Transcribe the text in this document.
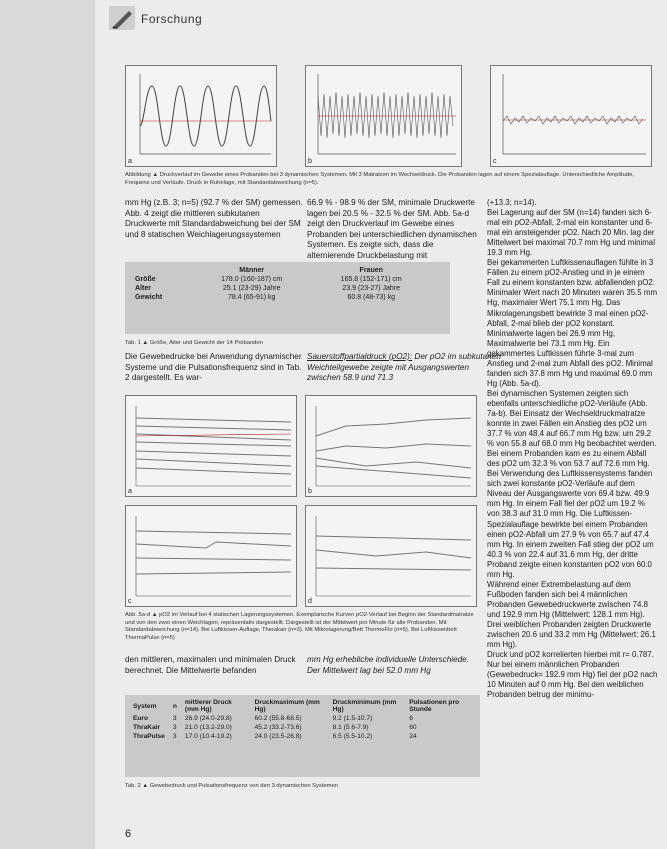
Forschung
a	b	c
Abbildung ▲ Druckverlauf im Gewebe eines Probanden bei 3 dynamischen Systemen. Mit 3 Matratzen im Wechseldruck. Die Probanden lagen auf einem Spezialauflage. Unterschiedliche Amplitude, Frequenz und Verläufe. Druck in Ruhelage, mit Standardabweichung (n=5).
mm Hg (z.B. 3; n=5) (92.7 % der SM) gemessen. Abb. 4 zeigt die mittleren subkutanen Druckwerte mit Standardabweichung bei der SM und 8 statischen Weichlagerungssystemen
	Männer	Frauen
Größe	178.0 (160-187) cm	165.8 (152-171) cm
Alter	25.1 (23-29) Jahre	23.9 (23-27) Jahre
Gewicht	78.4 (65-91) kg	60.8 (48-73) kg
Tab. 1 ▲ Größe, Alter und Gewicht der 14 Probanden
66.9 % - 98.9 % der SM, minimale Druckwerte lagen bei 20.5 % - 32.5 % der SM. Abb. 5a-d zeigt den Druckverlauf im Gewebe eines Probanden bei unterschiedlichen dynamischen Systemen. Es zeigte sich, dass die alternierende Druckbelastung mit

Die Gewebedrucke bei Anwendung dynamischer Systeme und die Pulsationsfrequenz sind in Tab. 2 dargestellt. Es war-
Sauerstoffpartialdruck (pO2): Der pO2 im subkutanen Weichteilgewebe zeigte mit Ausgangswerten zwischen 58.9 und 71.3
a	b
c	d
Abb. 5a-d ▲ pO2 im Verlauf bei 4 statischen Lagerungssystemen. Exemplarische Kurven pO2-Verlauf bei Beginn der Standardmatratze und von den zwei einen Weichlagen, repräsentativ dargestellt. Dargestellt ist der Mittelwert pro Minute für alle Probanden. Mit Standardabweichung (n=14). Bei Luftkissen-Auflage, Therakair (n=3). Mit Mikrolagerung/Bett ThermoFlo (n=5). Bei Luftkissenbett ThermaPulse (n=5)
den mittleren, maximalen und minimalen Druck berechnet. Die Mittelwerte befanden
mm Hg erhebliche individuelle Unterschiede. Der Mittelwert lag bei 52.0 mm Hg
System	n	mittlerer Druck (mm Hg)	Druckmaximum (mm Hg)	Druckminimum (mm Hg)	Pulsationen pro Stunde
Euro	3	26.9 (24.0-29.8)	60.2 (55.8-68.5)	9.2 (1.5-10.7)	6
ThraKair	3	21.0 (13.2-29.0)	45.2 (33.2-73.6)	8.1 (5.6-7.9)	60
ThraPulse	3	17.0 (10.4-19.2)	24.0 (23.5-26.8)	6.5 (5.5-10.2)	24
Tab. 2 ▲ Gewebedruck und Pulsationsfrequenz von den 3 dynamischen Systemen
(+13.3; n=14).
Bei Lagerung auf der SM (n=14) fanden sich 6-mal ein pO2-Abfall, 2-mal ein konstanter und 6-mal ein ansteigender pO2. Nach 20 Min. lag der Mittelwert bei maximal 70.7 mm Hg und minimal 19.3 mm Hg.
Bei gekammerten Luftkissenauflagen fühlte in 3 Fällen zu einem pO2-Anstieg und in je einem Fall zu einem konstanten bzw. abfallenden pO2. Minimaler Wert nach 20 Minuten waren 35.5 mm Hg, maximaler Wert 75.1 mm Hg. Das Mikrolagerungsbett bewirkte 3 mal einen pO2-Abfall, 2-mal blieb der pO2 konstant. Minimalwerte lagen bei 26.9 mm Hg, Maximalwerte bei 73.1 mm Hg. Ein gekammertes Luftkissen führte 3-mal zum Anstieg und 2-mal zum Abfall des pO2. Minimal fanden sich 37.8 mm Hg und maximal 69.0 mm Hg (Abb. 5a-d).
Bei dynamischen Systemen zeigten sich ebenfalls unterschiedliche pO2-Verläufe (Abb. 7a-b). Bei Einsatz der Wechseldruckmatratze konnte in zwei Fällen ein Anstieg des pO2 um 37.7 % von 48.4 auf 66.7 mm Hg bzw. um 29.2 % von 55.8 auf 68.0 mm Hg beobachtet werden. Bei einem Probanden kam es zu einem Abfall des pO2 um 32.3 % von 53.7 auf 72.6 mm Hg. Bei Verwendung des Luftkissensystems fanden sich zwei konstante pO2-Verläufe auf dem Niveau der Ausgangswerte von 69.4 bzw. 49.9 mm Hg. In einem Fall fiel der pO2 um 19.2 % von 38.3 auf 31.0 mm Hg. Die Luftkissen-Spezialauflage bewirkte bei einem Probanden einen pO2-Abfall um 27.9 % von 65.7 auf 47.4 mm Hg. In einem zweiten Fall stieg der pO2 um 40.3 % von 22.4 auf 31.6 mm Hg, der dritte Proband zeigte einen konstanten pO2 von 60.0 mm Hg.
Während einer Extrembelastung auf dem Fußboden fanden sich bei 4 männlichen Probanden Gewebedruckwerte zwischen 74.8 und 192.9 mm Hg (Mittelwert: 128.1 mm Hg). Drei weiblichen Probanden zeigten Druckwerte zwischen 20.6 und 33.2 mm Hg (Mittelwert: 26.1 mm Hg).
Druck und pO2 korrelierten hierbei mit r= 0.787. Nur bei einem männlichen Probanden (Gewebedruck= 192.9 mm Hg) fiel der pO2 nach 10 Minuten auf 0 mm Hg. Bei den weiblichen Probanden betrug der minimu-
6
